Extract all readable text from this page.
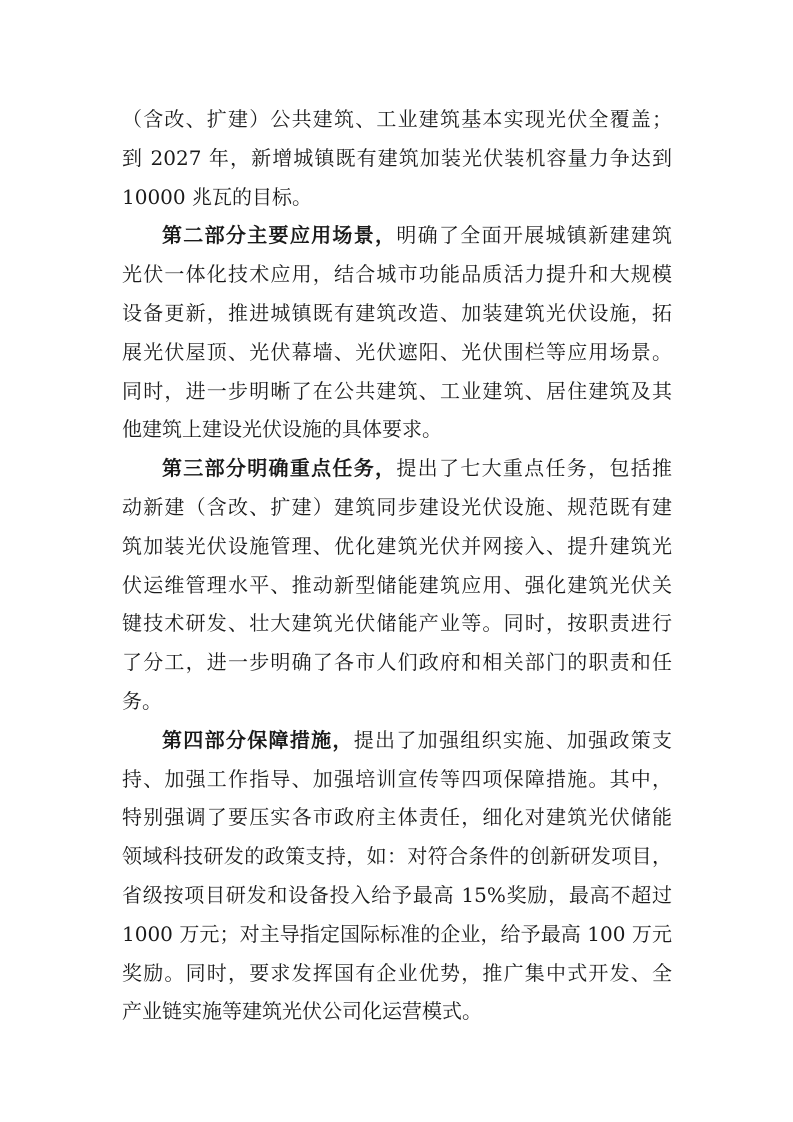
（含改、扩建）公共建筑、工业建筑基本实现光伏全覆盖；
到 2027 年，新增城镇既有建筑加装光伏装机容量力争达到
10000 兆瓦的目标。
第二部分主要应用场景，明确了全面开展城镇新建建筑
光伏一体化技术应用，结合城市功能品质活力提升和大规模
设备更新，推进城镇既有建筑改造、加装建筑光伏设施，拓
展光伏屋顶、光伏幕墙、光伏遮阳、光伏围栏等应用场景。
同时，进一步明晰了在公共建筑、工业建筑、居住建筑及其
他建筑上建设光伏设施的具体要求。
第三部分明确重点任务，提出了七大重点任务，包括推
动新建（含改、扩建）建筑同步建设光伏设施、规范既有建
筑加装光伏设施管理、优化建筑光伏并网接入、提升建筑光
伏运维管理水平、推动新型储能建筑应用、强化建筑光伏关
键技术研发、壮大建筑光伏储能产业等。同时，按职责进行
了分工，进一步明确了各市人们政府和相关部门的职责和任
务。
第四部分保障措施，提出了加强组织实施、加强政策支
持、加强工作指导、加强培训宣传等四项保障措施。其中，
特别强调了要压实各市政府主体责任，细化对建筑光伏储能
领域科技研发的政策支持，如：对符合条件的创新研发项目，
省级按项目研发和设备投入给予最高 15%奖励，最高不超过
1000 万元；对主导指定国际标准的企业，给予最高 100 万元
奖励。同时，要求发挥国有企业优势，推广集中式开发、全
产业链实施等建筑光伏公司化运营模式。
